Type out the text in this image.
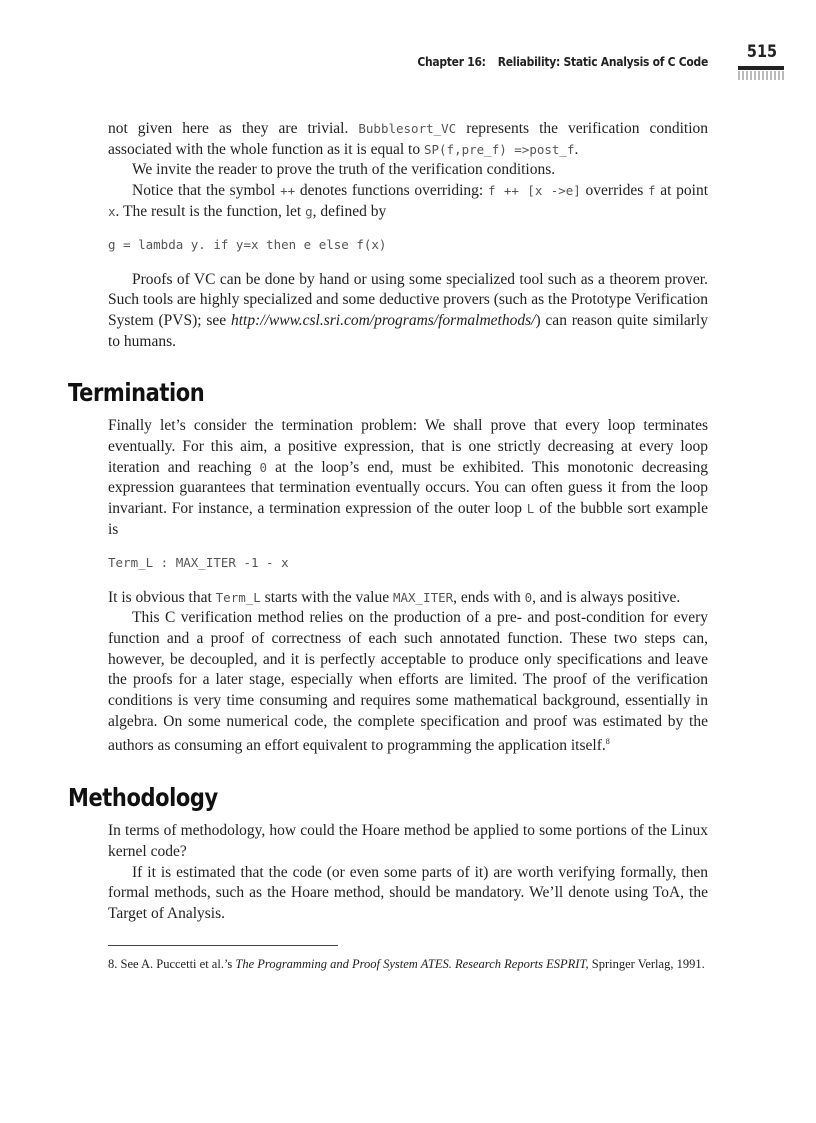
Chapter 16: Reliability: Static Analysis of C Code 515

not given here as they are trivial. Bubblesort_VC represents the verification condition associated with the whole function as it is equal to SP(f,pre_f) =>post_f.

We invite the reader to prove the truth of the verification conditions.

Notice that the symbol ++ denotes functions overriding: f ++ [x ->e] overrides f at point x. The result is the function, let g, defined by

g = lambda y. if y=x then e else f(x)

Proofs of VC can be done by hand or using some specialized tool such as a theorem prover. Such tools are highly specialized and some deductive provers (such as the Prototype Verification System (PVS); see http://www.csl.sri.com/programs/formalmethods/) can reason quite similarly to humans.

Termination

Finally let’s consider the termination problem: We shall prove that every loop terminates eventually. For this aim, a positive expression, that is one strictly decreasing at every loop iteration and reaching 0 at the loop’s end, must be exhibited. This monotonic decreasing expression guarantees that termination eventually occurs. You can often guess it from the loop invariant. For instance, a termination expression of the outer loop L of the bubble sort example is

Term_L : MAX_ITER -1 - x

It is obvious that Term_L starts with the value MAX_ITER, ends with 0, and is always positive.

This C verification method relies on the production of a pre- and post-condition for every function and a proof of correctness of each such annotated function. These two steps can, however, be decoupled, and it is perfectly acceptable to produce only specifications and leave the proofs for a later stage, especially when efforts are limited. The proof of the verification conditions is very time consuming and requires some mathematical background, essentially in algebra. On some numerical code, the complete specification and proof was estimated by the authors as consuming an effort equivalent to programming the application itself.$^8$

Methodology

In terms of methodology, how could the Hoare method be applied to some portions of the Linux kernel code?

If it is estimated that the code (or even some parts of it) are worth verifying formally, then formal methods, such as the Hoare method, should be mandatory. We’ll denote using ToA, the Target of Analysis.

8. See A. Puccetti et al.’s The Programming and Proof System ATES. Research Reports ESPRIT, Springer Verlag, 1991.
